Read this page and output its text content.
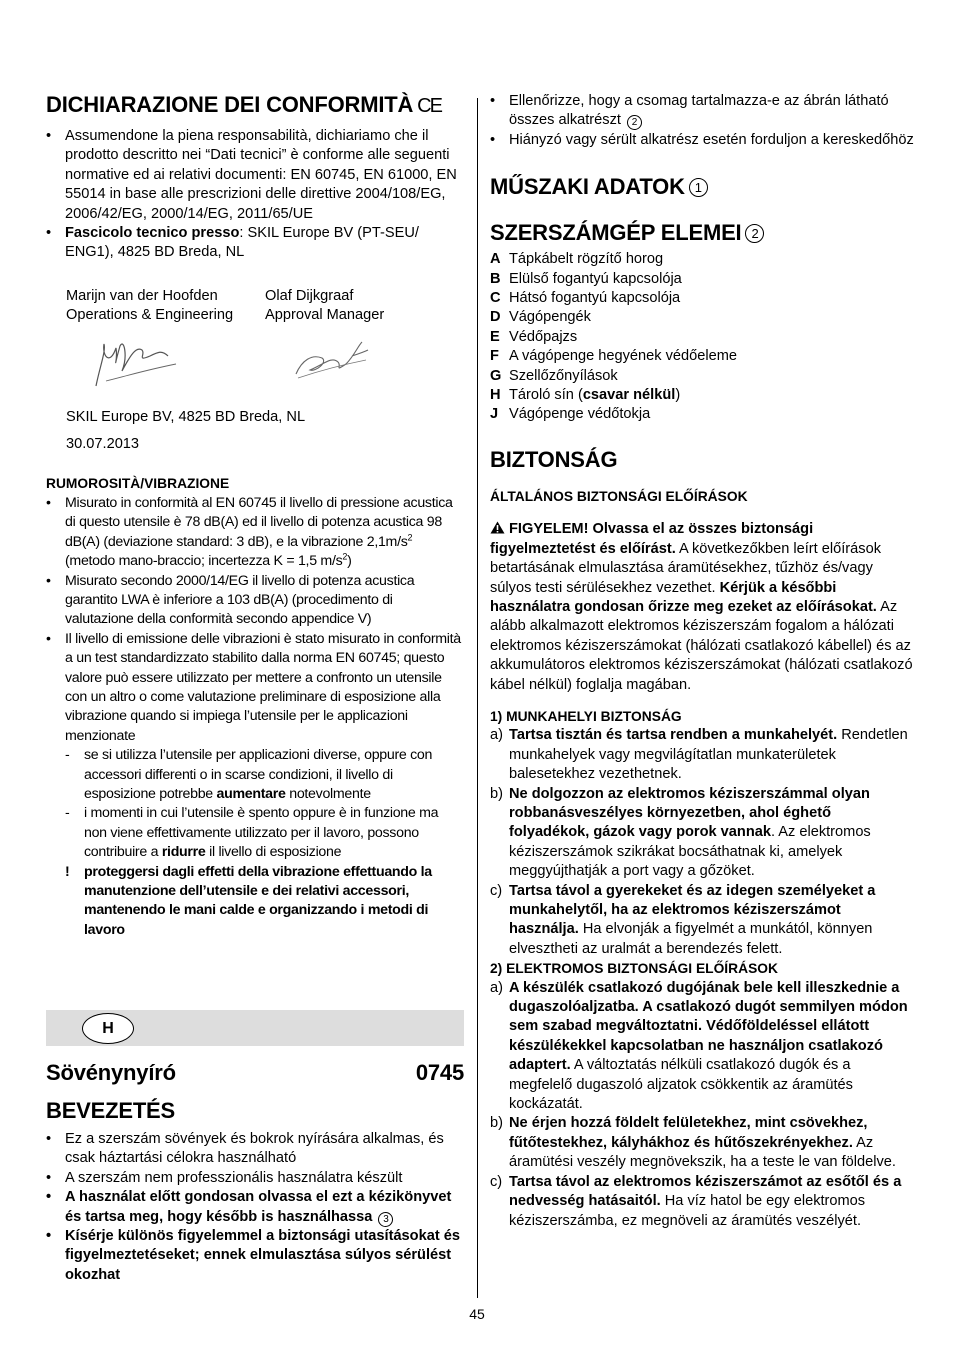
DICHIARAZIONE DEI CONFORMITÀ CE
• Assumendone la piena responsabilità, dichiariamo che il prodotto descritto nei “Dati tecnici” è conforme alle seguenti normative ed ai relativi documenti: EN 60745, EN 61000, EN 55014 in base alle prescrizioni delle direttive 2004/108/EG, 2006/42/EG, 2000/14/EG, 2011/65/UE
• Fascicolo tecnico presso: SKIL Europe BV (PT-SEU/ ENG1), 4825 BD Breda, NL
Marijn van der Hoofden
Operations & Engineering
Olaf Dijkgraaf
Approval Manager
SKIL Europe BV, 4825 BD Breda, NL
30.07.2013
RUMOROSITÀ/VIBRAZIONE
• Misurato in conformità al EN 60745 il livello di pressione acustica di questo utensile è 78 dB(A) ed il livello di potenza acustica 98 dB(A) (deviazione standard: 3 dB), e la vibrazione $2,1m/s^2$ (metodo mano-braccio; incertezza K = 1,5 $m/s^2$)
• Misurato secondo 2000/14/EG il livello di potenza acustica garantito LWA è inferiore a 103 dB(A) (procedimento di valutazione della conformità secondo appendice V)
• Il livello di emissione delle vibrazioni è stato misurato in conformità a un test standardizzato stabilito dalla norma EN 60745; questo valore può essere utilizzato per mettere a confronto un utensile con un altro o come valutazione preliminare di esposizione alla vibrazione quando si impiega l’utensile per le applicazioni menzionate
- se si utilizza l’utensile per applicazioni diverse, oppure con accessori differenti o in scarse condizioni, il livello di esposizione potrebbe aumentare notevolmente
- i momenti in cui l’utensile è spento oppure è in funzione ma non viene effettivamente utilizzato per il lavoro, possono contribuire a ridurre il livello di esposizione
! proteggersi dagli effetti della vibrazione effettuando la manutenzione dell’utensile e dei relativi accessori, mantenendo le mani calde e organizzando i metodi di lavoro
H
Sövénynyíró	0745
BEVEZETÉS
• Ez a szerszám sövények és bokrok nyírására alkalmas, és csak háztartási célokra használható
• A szerszám nem professzionális használatra készült
• A használat előtt gondosan olvassa el ezt a kézikönyvet és tartsa meg, hogy később is használhassa 3
• Kísérje különös figyelemmel a biztonsági utasításokat és figyelmeztetéseket; ennek elmulasztása súlyos sérülést okozhat
• Ellenőrizze, hogy a csomag tartalmazza-e az ábrán látható összes alkatrészt 2
• Hiányzó vagy sérült alkatrész esetén forduljon a kereskedőhöz
MŰSZAKI ADATOK 1
SZERSZÁMGÉP ELEMEI 2
A Tápkábelt rögzítő horog
B Elülső fogantyú kapcsolója
C Hátsó fogantyú kapcsolója
D Vágópengék
E Védőpajzs
F A vágópenge hegyének védőeleme
G Szellőzőnyílások
H Tároló sín (csavar nélkül)
J Vágópenge védőtokja
BIZTONSÁG
ÁLTALÁNOS BIZTONSÁGI ELŐÍRÁSOK
FIGYELEM! Olvassa el az összes biztonsági figyelmeztetést és előírást. A következőkben leírt előírások betartásának elmulasztása áramütésekhez, tűzhöz és/vagy súlyos testi sérülésekhez vezethet. Kérjük a későbbi használatra gondosan őrizze meg ezeket az előírásokat. Az alább alkalmazott elektromos kéziszerszám fogalom a hálózati elektromos kéziszerszámokat (hálózati csatlakozó kábellel) és az akkumulátoros elektromos kéziszerszámokat (hálózati csatlakozó kábel nélkül) foglalja magában.
1) MUNKAHELYI BIZTONSÁG
a) Tartsa tisztán és tartsa rendben a munkahelyét. Rendetlen munkahelyek vagy megvilágítatlan munkaterületek balesetekhez vezethetnek.
b) Ne dolgozzon az elektromos kéziszerszámmal olyan robbanásveszélyes környezetben, ahol éghető folyadékok, gázok vagy porok vannak. Az elektromos kéziszerszámok szikrákat bocsáthatnak ki, amelyek meggyújthatják a port vagy a gőzöket.
c) Tartsa távol a gyerekeket és az idegen személyeket a munkahelytől, ha az elektromos kéziszerszámot használja. Ha elvonják a figyelmét a munkától, könnyen elvesztheti az uralmát a berendezés felett.
2) ELEKTROMOS BIZTONSÁGI ELŐÍRÁSOK
a) A készülék csatlakozó dugójának bele kell illeszkednie a dugaszolóaljzatba. A csatlakozó dugót semmilyen módon sem szabad megváltoztatni. Védőföldeléssel ellátott készülékekkel kapcsolatban ne használjon csatlakozó adaptert. A változtatás nélküli csatlakozó dugók és a megfelelő dugaszoló aljzatok csökkentik az áramütés kockázatát.
b) Ne érjen hozzá földelt felületekhez, mint csövekhez, fűtőtestekhez, kályhákhoz és hűtőszekrényekhez. Az áramütési veszély megnövekszik, ha a teste le van földelve.
c) Tartsa távol az elektromos kéziszerszámot az esőtől és a nedvesség hatásaitól. Ha víz hatol be egy elektromos kéziszerszámba, ez megnöveli az áramütés veszélyét.
45
